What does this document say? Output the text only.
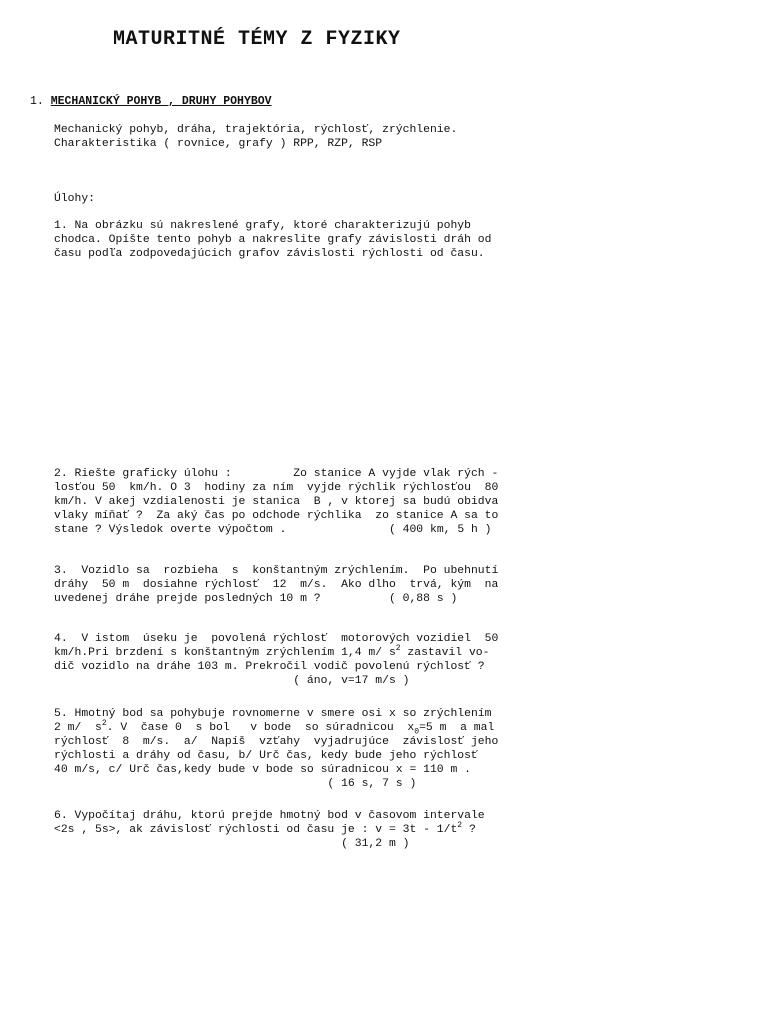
MATURITNÉ TÉMY Z FYZIKY

1. MECHANICKÝ POHYB , DRUHY POHYBOV

Mechanický pohyb, dráha, trajektória, rýchlosť, zrýchlenie.
Charakteristika ( rovnice, grafy ) RPP, RZP, RSP
Úlohy:
1. Na obrázku sú nakreslené grafy, ktoré charakterizujú pohyb
chodca. Opíšte tento pohyb a nakreslite grafy závislosti dráh od
času podľa zodpovedajúcich grafov závislosti rýchlosti od času.
2. Riešte graficky úlohu :         Zo stanice A vyjde vlak rých -
losťou 50  km/h. O 3  hodiny za ním  vyjde rýchlik rýchlosťou  80
km/h. V akej vzdialenosti je stanica  B , v ktorej sa budú obidva
vlaky míňať ?  Za aký čas po odchode rýchlika  zo stanice A sa to
stane ? Výsledok overte výpočtom .	( 400 km, 5 h )
3.  Vozidlo sa  rozbieha  s  konštantným zrýchlením.  Po ubehnutí
dráhy  50 m  dosiahne rýchlosť  12  m/s.  Ako dlho  trvá, kým  na
uvedenej dráhe prejde posledných 10 m ?	( 0,88 s )
4.  V istom  úseku je  povolená rýchlosť  motorových vozidiel  50
km/h.Pri brzdení s konštantným zrýchlením 1,4 m/ $s^2$ zastavil vo-
dič vozidlo na dráhe 103 m. Prekročil vodič povolenú rýchlosť ?
( áno, v=17 m/s )
5. Hmotný bod sa pohybuje rovnomerne v smere osi x so zrýchlením
2 m/  $s^2$. V  čase 0  s bol   v bode  so súradnicou  $x_0=5$ m  a mal
rýchlosť  8  m/s.  a/  Napíš  vzťahy  vyjadrujúce  závislosť jeho
rýchlosti a dráhy od času, b/ Urč čas, kedy bude jeho rýchlosť
40 m/s, c/ Urč čas,kedy bude v bode so súradnicou x = 110 m .
( 16 s, 7 s )
6. Vypočítaj dráhu, ktorú prejde hmotný bod v časovom intervale
<2s , 5s>, ak závislosť rýchlosti od času je : $v = 3t - 1/t^2$ ?
( 31,2 m )
